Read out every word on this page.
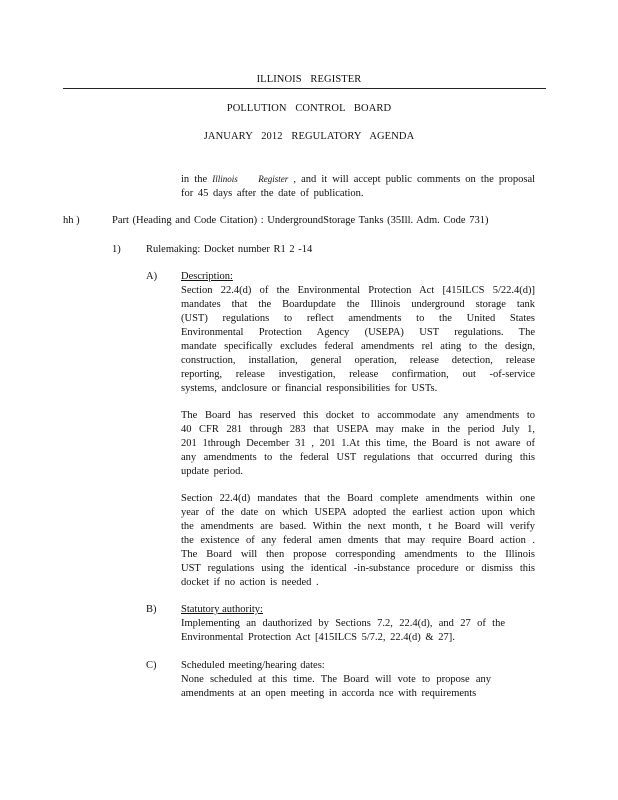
ILLINOIS REGISTER
POLLUTION CONTROL BOARD
JANUARY 2012 REGULATORY AGENDA
in the Illinois Register , and it will accept public comments on the proposal
for 45 days after the date of publication.
hh )	Part (Heading and Code Citation) : UndergroundStorage Tanks (35Ill. Adm. Code 731)
1) Rulemaking: Docket number R1 2 -14
A) Description:
Section 22.4(d) of the Environmental Protection Act [415ILCS 5/22.4(d)]
mandates that the Boardupdate the Illinois underground storage tank
(UST) regulations to reflect amendments to the United States
Environmental Protection Agency (USEPA) UST regulations. The
mandate specifically excludes federal amendments rel ating to the design,
construction, installation, general operation, release detection, release
reporting, release investigation, release confirmation, out -of-service
systems, andclosure or financial responsibilities for USTs.
The Board has reserved this docket to accommodate any amendments to
40 CFR 281 through 283 that USEPA may make in the period July 1,
201 1through December 31 , 201 1.At this time, the Board is not aware of
any amendments to the federal UST regulations that occurred during this
update period.
Section 22.4(d) mandates that the Board complete amendments within one
year of the date on which USEPA adopted the earliest action upon which
the amendments are based. Within the next month, t he Board will verify
the existence of any federal amen dments that may require Board action .
The Board will then propose corresponding amendments to the Illinois
UST regulations using the identical -in-substance procedure or dismiss this
docket if no action is needed .
B) Statutory authority:
Implementing an dauthorized by Sections 7.2, 22.4(d), and 27 of the
Environmental Protection Act [415ILCS 5/7.2, 22.4(d) & 27].
C) Scheduled meeting/hearing dates:
None scheduled at this time. The Board will vote to propose any
amendments at an open meeting in accorda nce with requirements
